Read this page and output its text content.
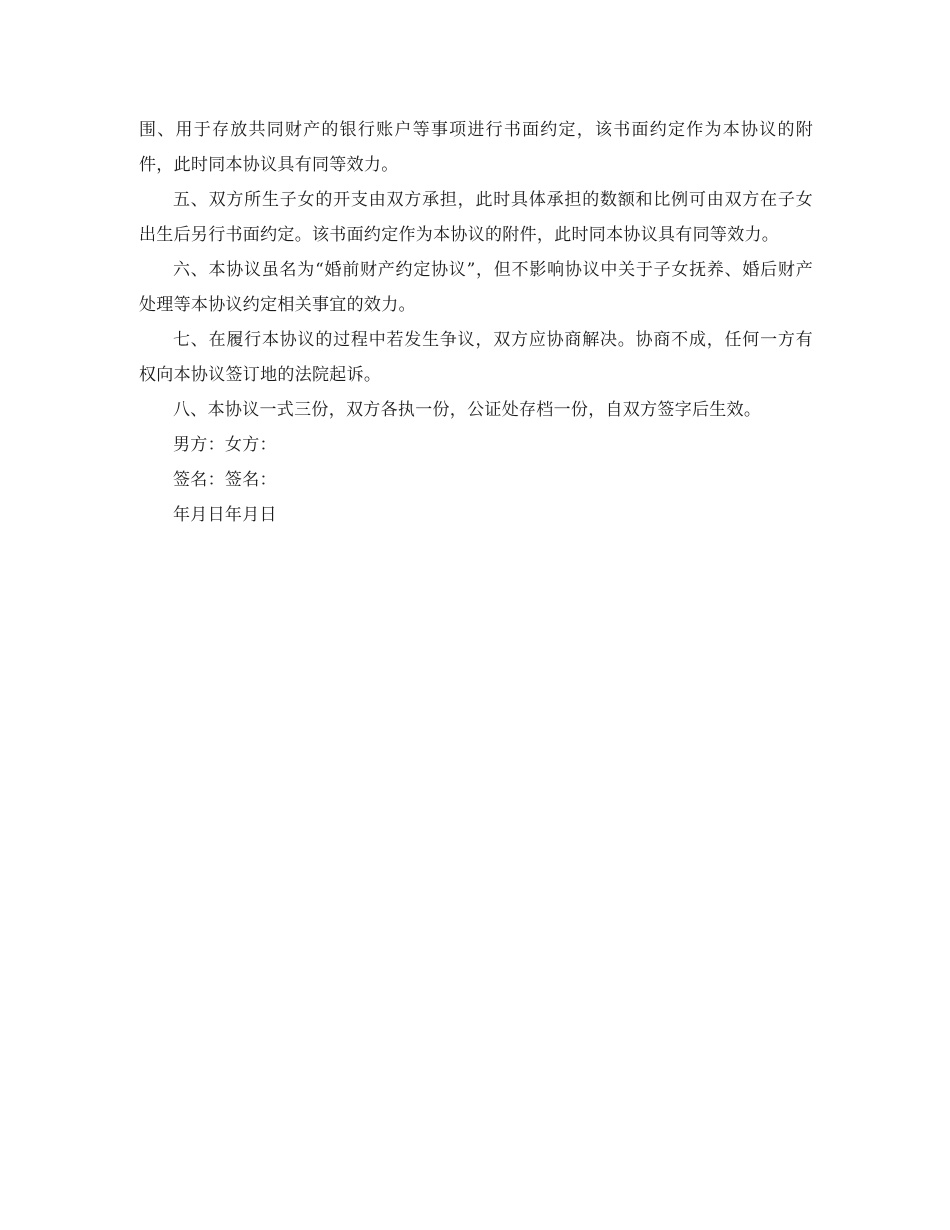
围、用于存放共同财产的银行账户等事项进行书面约定，该书面约定作为本协议的附件，此时同本协议具有同等效力。

五、双方所生子女的开支由双方承担，此时具体承担的数额和比例可由双方在子女出生后另行书面约定。该书面约定作为本协议的附件，此时同本协议具有同等效力。

六、本协议虽名为“婚前财产约定协议”，但不影响协议中关于子女抚养、婚后财产处理等本协议约定相关事宜的效力。

七、在履行本协议的过程中若发生争议，双方应协商解决。协商不成，任何一方有权向本协议签订地的法院起诉。

八、本协议一式三份，双方各执一份，公证处存档一份，自双方签字后生效。

男方：女方：

签名：签名：

年月日年月日
